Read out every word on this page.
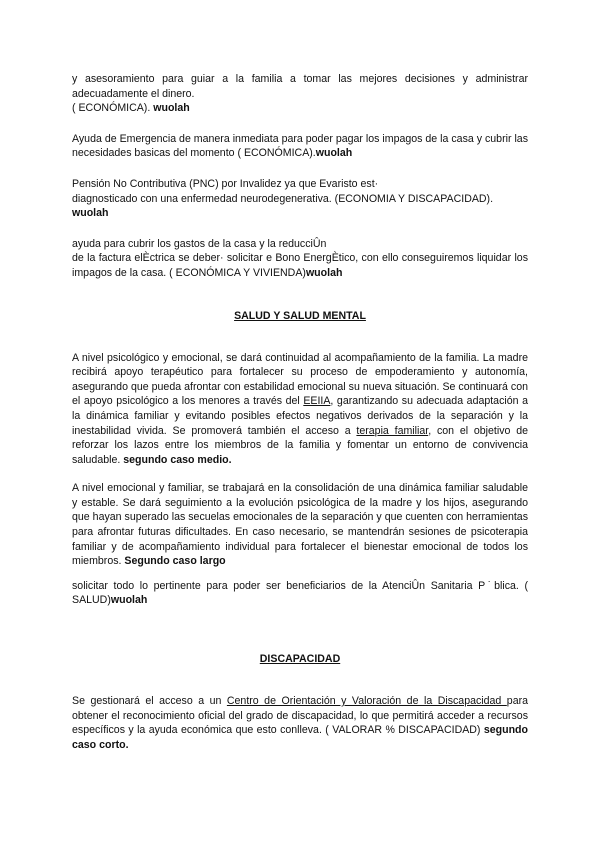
y asesoramiento para guiar a la familia a tomar las mejores decisiones y administrar adecuadamente el dinero.
( ECONÓMICA). wuolah

Ayuda de Emergencia de manera inmediata para poder pagar los impagos de la casa y cubrir las necesidades basicas del momento ( ECONÓMICA).wuolah

Pensión No Contributiva (PNC) por Invalidez ya que Evaristo est·
diagnosticado con una enfermedad neurodegenerativa. (ECONOMIA Y DISCAPACIDAD).
wuolah

ayuda para cubrir los gastos de la casa y la reducciÛn
de la factura elÈctrica se deber· solicitar e Bono EnergÈtico, con ello conseguiremos liquidar los impagos de la casa. ( ECONÓMICA Y VIVIENDA)wuolah

SALUD Y SALUD MENTAL

A nivel psicológico y emocional, se dará continuidad al acompañamiento de la familia. La madre recibirá apoyo terapéutico para fortalecer su proceso de empoderamiento y autonomía, asegurando que pueda afrontar con estabilidad emocional su nueva situación. Se continuará con el apoyo psicológico a los menores a través del EEIIA, garantizando su adecuada adaptación a la dinámica familiar y evitando posibles efectos negativos derivados de la separación y la inestabilidad vivida. Se promoverá también el acceso a terapia familiar, con el objetivo de reforzar los lazos entre los miembros de la familia y fomentar un entorno de convivencia saludable. segundo caso medio.

A nivel emocional y familiar, se trabajará en la consolidación de una dinámica familiar saludable y estable. Se dará seguimiento a la evolución psicológica de la madre y los hijos, asegurando que hayan superado las secuelas emocionales de la separación y que cuenten con herramientas para afrontar futuras dificultades. En caso necesario, se mantendrán sesiones de psicoterapia familiar y de acompañamiento individual para fortalecer el bienestar emocional de todos los miembros. Segundo caso largo

solicitar todo lo pertinente para poder ser beneficiarios de la AtenciÛn Sanitaria P˙blica. ( SALUD)wuolah

DISCAPACIDAD

Se gestionará el acceso a un Centro de Orientación y Valoración de la Discapacidad para obtener el reconocimiento oficial del grado de discapacidad, lo que permitirá acceder a recursos específicos y la ayuda económica que esto conlleva. ( VALORAR % DISCAPACIDAD) segundo caso corto.
